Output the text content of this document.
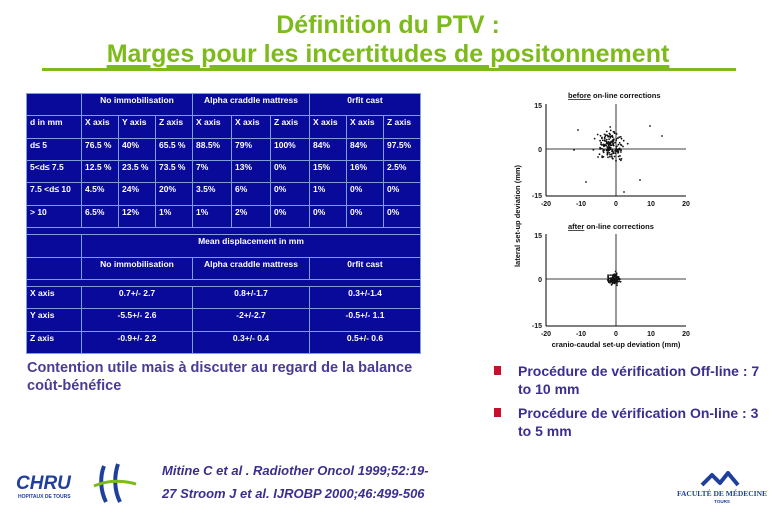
Définition du PTV :
Marges pour les incertitudes de positonnement
	No immobilisation			Alpha craddle mattress			0rfit cast		
d in mm	X axis	Y axis	Z axis	X axis	X axis	Z axis	X axis	X axis	Z axis
d≤ 5	76.5 %	40%	65.5 %	88.5%	79%	100%	84%	84%	97.5%
5<d≤ 7.5	12.5 %	23.5 %	73.5 %	7%	13%	0%	15%	16%	2.5%
7.5 <d≤ 10	4.5%	24%	20%	3.5%	6%	0%	1%	0%	0%
> 10	6.5%	12%	1%	1%	2%	0%	0%	0%	0%

	Mean displacement in mm								
	No immobilisation			Alpha craddle mattress			0rfit cast		

X axis	0.7+/- 2.7			0.8+/-1.7			0.3+/-1.4		
Y axis	-5.5+/- 2.6			-2+/-2.7			-0.5+/- 1.1		
Z axis	-0.9+/- 2.2			0.3+/- 0.4			0.5+/- 0.6		
Contention utile mais à discuter au regard de la balance coût-bénéfice
before on-line corrections
15
0
-15
-20	-10	0	10	20
after on-line corrections
15
0
-15
-20	-10	0	10	20
cranio-caudal set-up deviation (mm)
lateral set-up deviation (mm)
Procédure de vérification Off-line : 7 to 10 mm
Procédure de vérification On-line : 3 to 5 mm
Mitine C et al . Radiother Oncol 1999;52:19-
27 Stroom J et al. IJROBP 2000;46:499-506
CHRU
HOPITAUX DE TOURS	FACULTÉ DE MÉDECINE
TOURS
